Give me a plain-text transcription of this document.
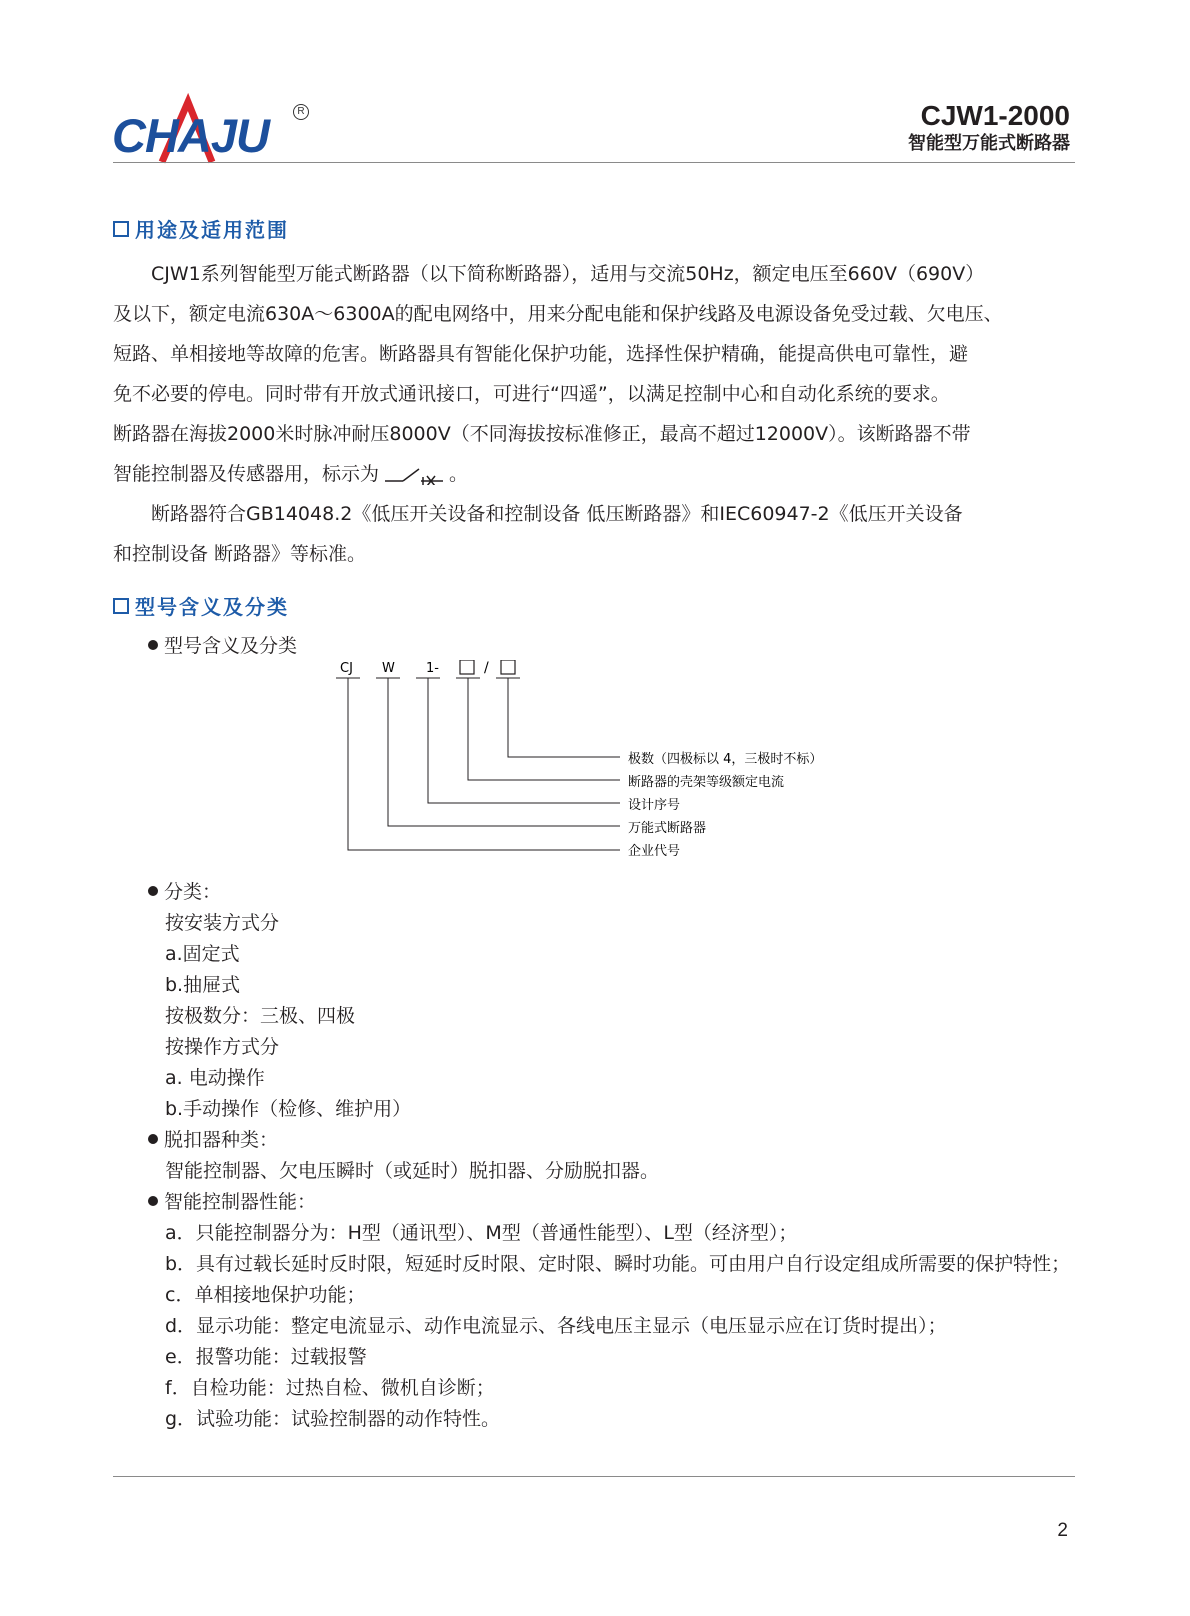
CHAJU	R	CJW1-2000
智能型万能式断路器
用途及适用范围
CJW1系列智能型万能式断路器（以下简称断路器），适用与交流50Hz，额定电压至660V（690V）
及以下，额定电流630A～6300A的配电网络中，用来分配电能和保护线路及电源设备免受过载、欠电压、
短路、单相接地等故障的危害。断路器具有智能化保护功能，选择性保护精确，能提高供电可靠性，避
免不必要的停电。同时带有开放式通讯接口，可进行“四遥”，以满足控制中心和自动化系统的要求。
断路器在海拔2000米时脉冲耐压8000V（不同海拔按标准修正，最高不超过12000V）。该断路器不带
智能控制器及传感器用，标示为	。
断路器符合GB14048.2《低压开关设备和控制设备 低压断路器》和IEC60947-2《低压开关设备
和控制设备 断路器》等标准。
型号含义及分类
型号含义及分类
CJ W 1-	/
极数（四极标以 4，三极时不标）
断路器的壳架等级额定电流
设计序号
万能式断路器
企业代号
分类：
按安装方式分
a.固定式
b.抽屉式
按极数分：三极、四极
按操作方式分
a. 电动操作
b.手动操作（检修、维护用）
脱扣器种类：
智能控制器、欠电压瞬时（或延时）脱扣器、分励脱扣器。
智能控制器性能：
a．只能控制器分为：H型（通讯型）、M型（普通性能型）、L型（经济型）；
b．具有过载长延时反时限，短延时反时限、定时限、瞬时功能。可由用户自行设定组成所需要的保护特性；
c．单相接地保护功能；
d．显示功能：整定电流显示、动作电流显示、各线电压主显示（电压显示应在订货时提出）；
e．报警功能：过载报警
f．自检功能：过热自检、微机自诊断；
g．试验功能：试验控制器的动作特性。
2
